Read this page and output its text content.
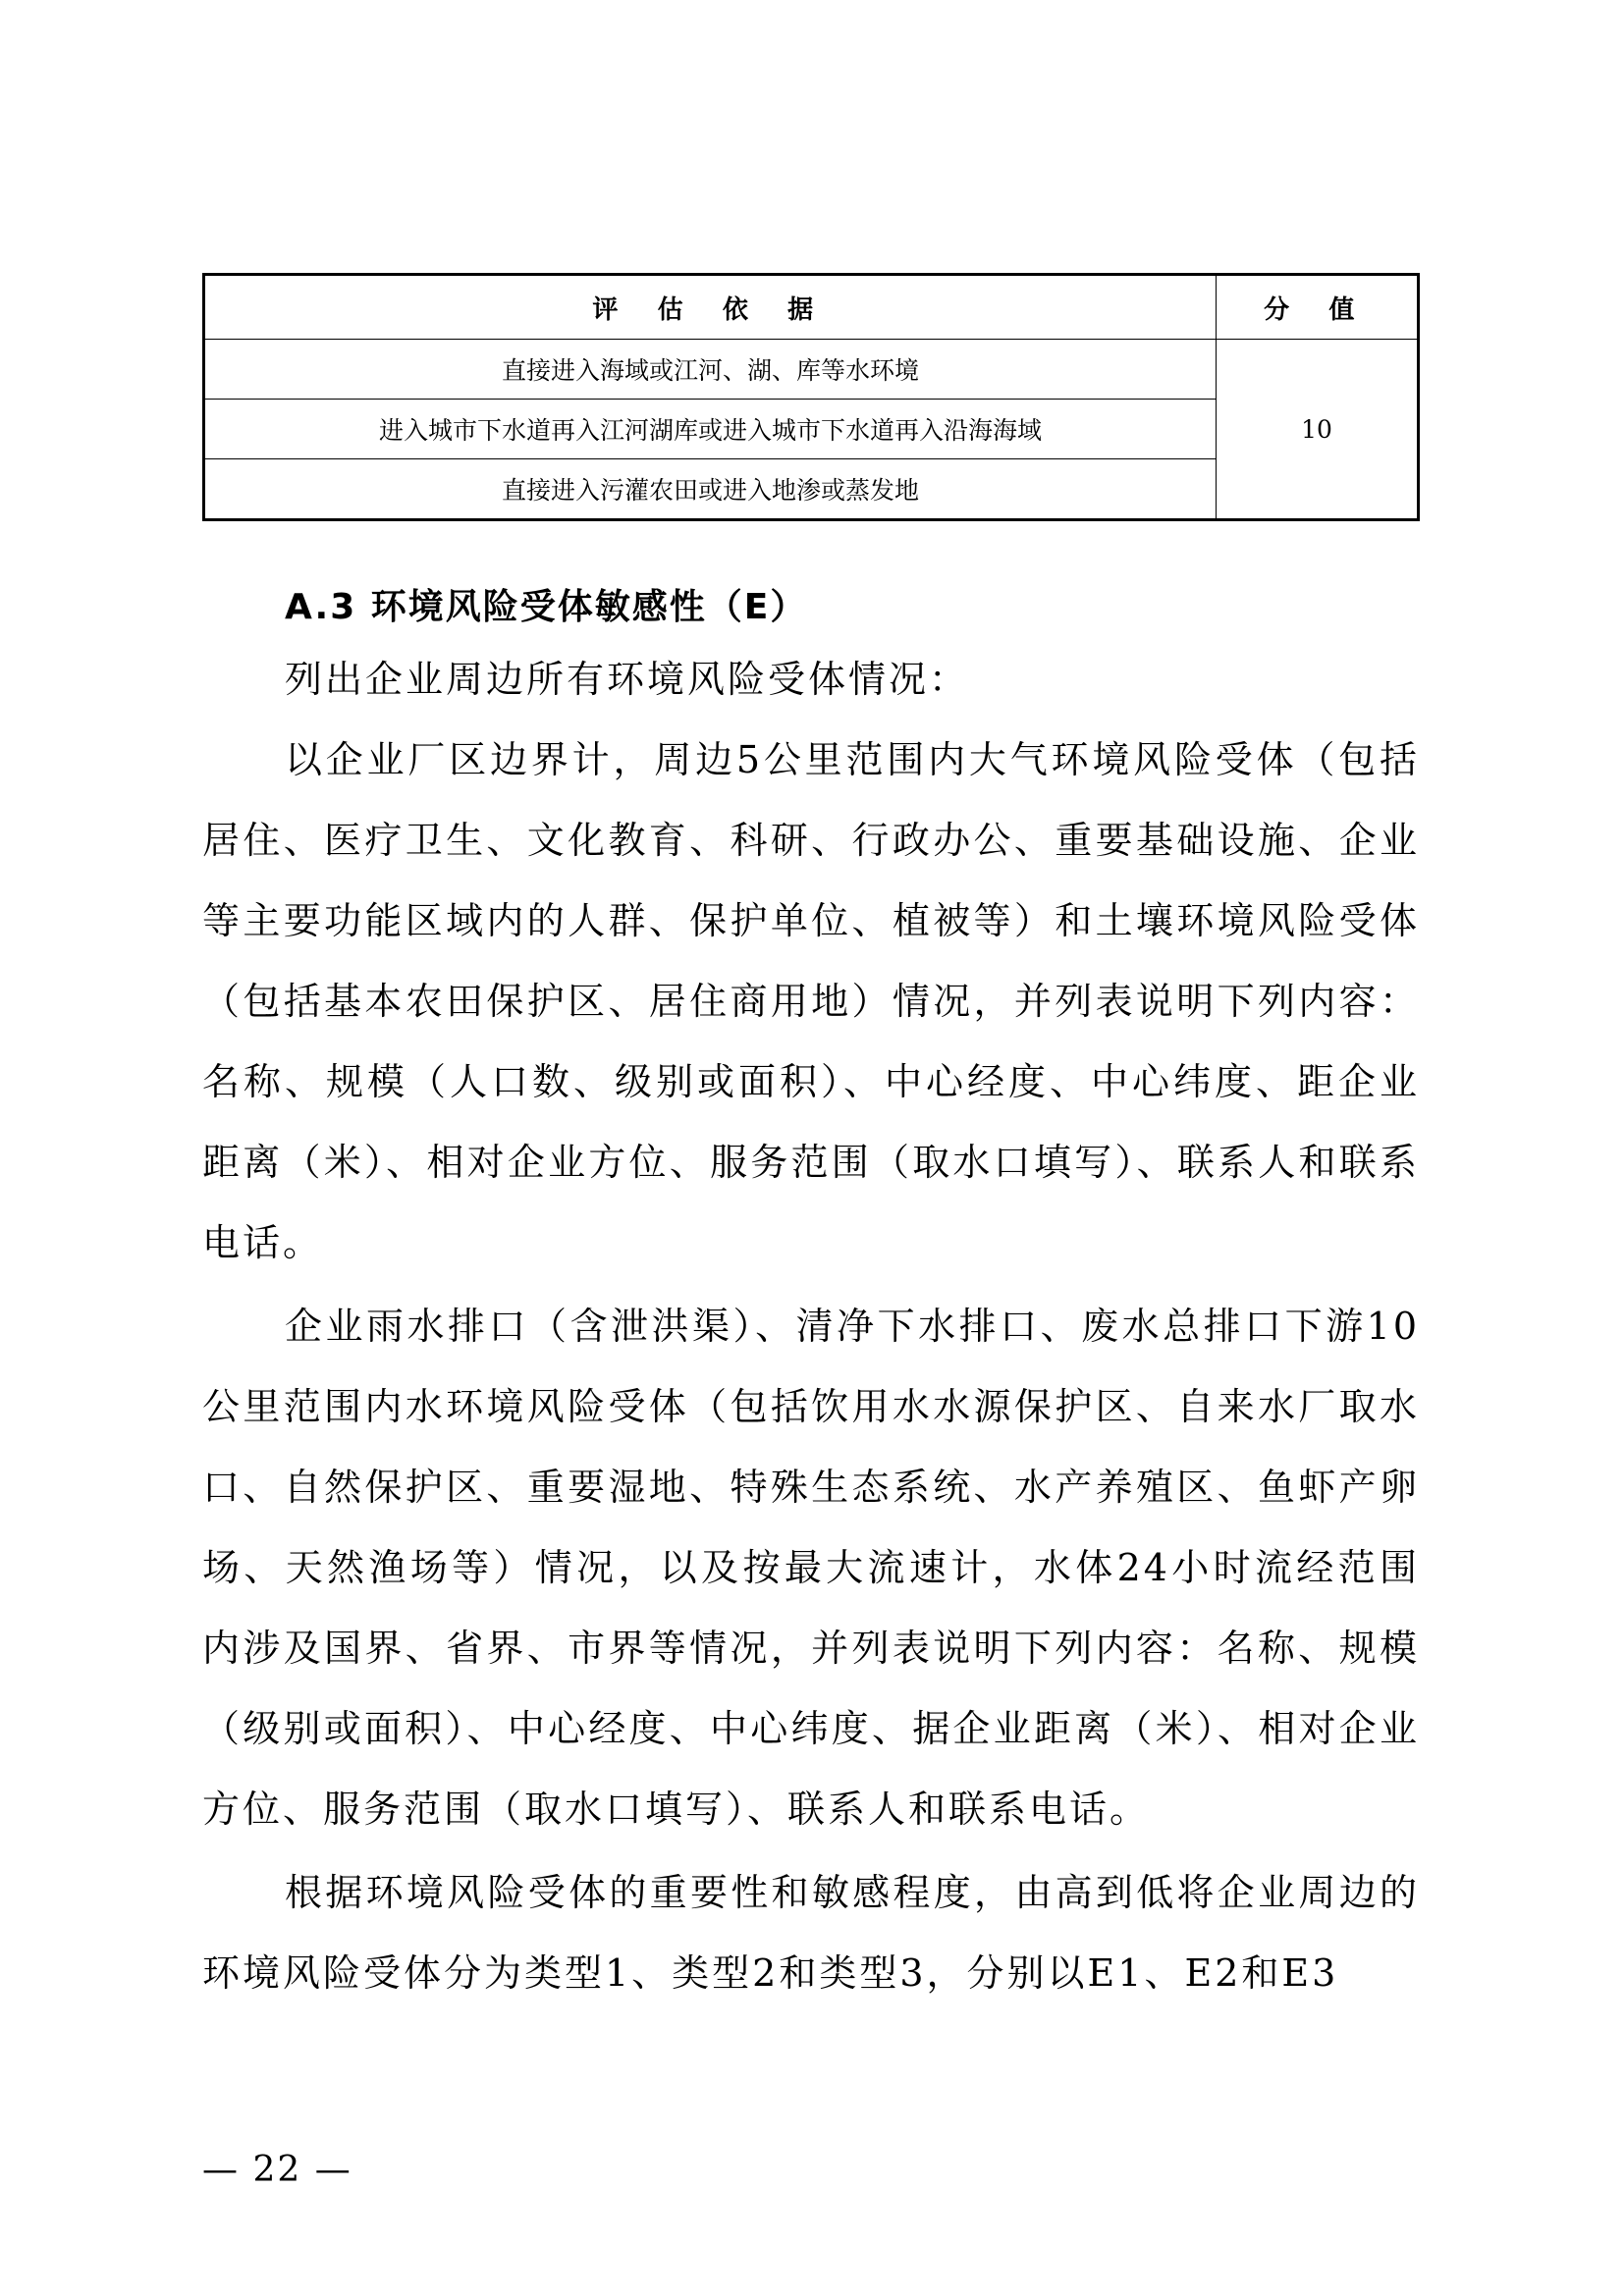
评 估 依 据	分 值
直接进入海域或江河、湖、库等水环境	10
进入城市下水道再入江河湖库或进入城市下水道再入沿海海域	
直接进入污灌农田或进入地渗或蒸发地	
A.3 环境风险受体敏感性（E）

列出企业周边所有环境风险受体情况：

以企业厂区边界计，周边5公里范围内大气环境风险受体（包括居住、医疗卫生、文化教育、科研、行政办公、重要基础设施、企业等主要功能区域内的人群、保护单位、植被等）和土壤环境风险受体（包括基本农田保护区、居住商用地）情况，并列表说明下列内容：名称、规模（人口数、级别或面积）、中心经度、中心纬度、距企业距离（米）、相对企业方位、服务范围（取水口填写）、联系人和联系电话。

企业雨水排口（含泄洪渠）、清净下水排口、废水总排口下游10公里范围内水环境风险受体（包括饮用水水源保护区、自来水厂取水口、自然保护区、重要湿地、特殊生态系统、水产养殖区、鱼虾产卵场、天然渔场等）情况，以及按最大流速计，水体24小时流经范围内涉及国界、省界、市界等情况，并列表说明下列内容：名称、规模（级别或面积）、中心经度、中心纬度、据企业距离（米）、相对企业方位、服务范围（取水口填写）、联系人和联系电话。

根据环境风险受体的重要性和敏感程度，由高到低将企业周边的环境风险受体分为类型1、类型2和类型3，分别以E1、E2和E3

— 22 —
